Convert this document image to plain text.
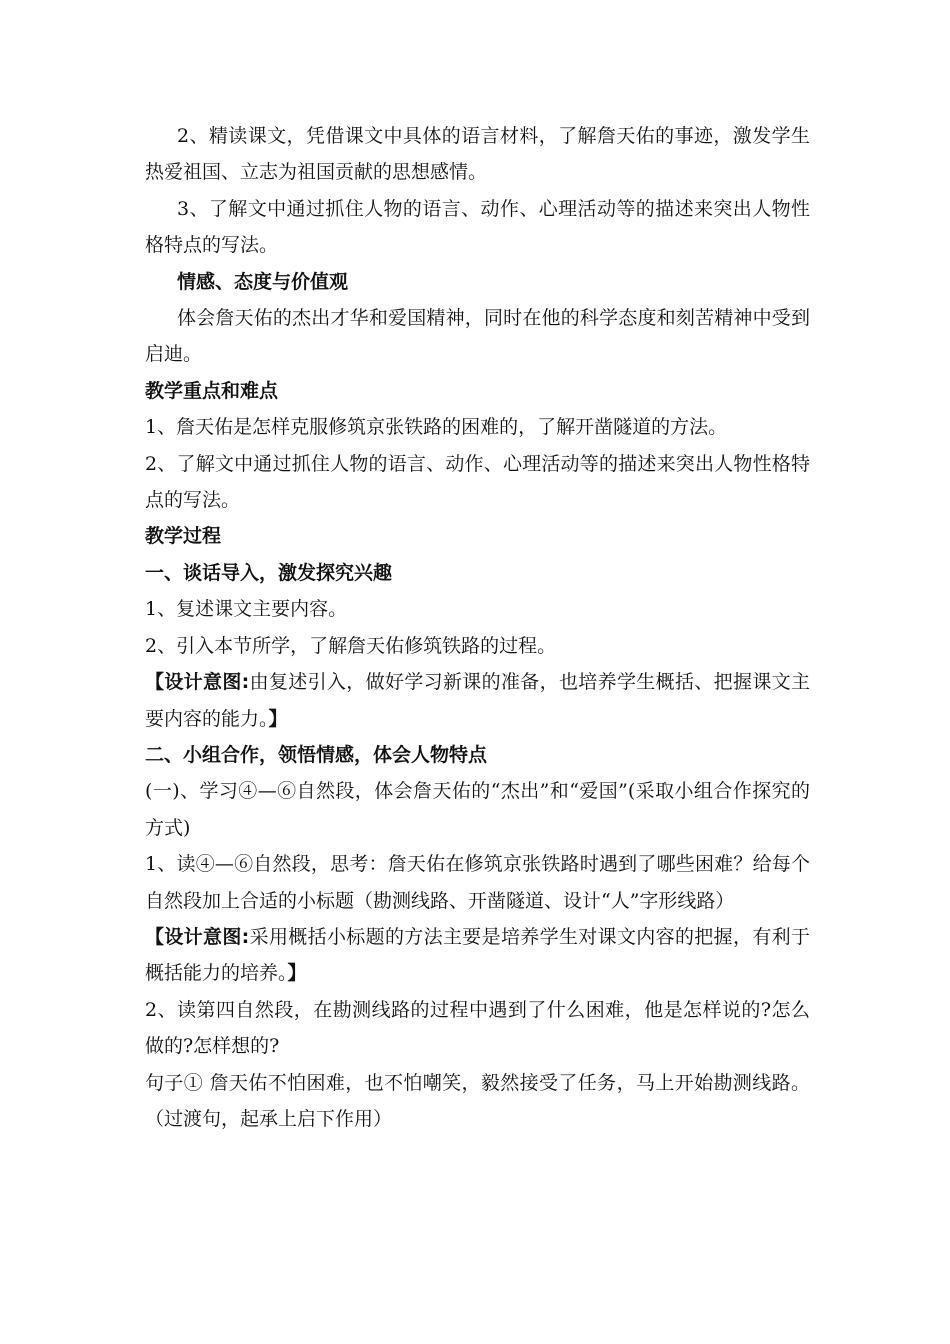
2、精读课文，凭借课文中具体的语言材料，了解詹天佑的事迹，激发学生热爱祖国、立志为祖国贡献的思想感情。

3、了解文中通过抓住人物的语言、动作、心理活动等的描述来突出人物性格特点的写法。

情感、态度与价值观

体会詹天佑的杰出才华和爱国精神，同时在他的科学态度和刻苦精神中受到启迪。

教学重点和难点

1、詹天佑是怎样克服修筑京张铁路的困难的，了解开凿隧道的方法。

2、了解文中通过抓住人物的语言、动作、心理活动等的描述来突出人物性格特点的写法。

教学过程

一、谈话导入，激发探究兴趣

1、复述课文主要内容。

2、引入本节所学，了解詹天佑修筑铁路的过程。

【设计意图:由复述引入，做好学习新课的准备，也培养学生概括、把握课文主要内容的能力。】

二、小组合作，领悟情感，体会人物特点

(一)、学习④—⑥自然段，体会詹天佑的“杰出”和“爱国”(采取小组合作探究的方式)

1、读④—⑥自然段，思考：詹天佑在修筑京张铁路时遇到了哪些困难？给每个自然段加上合适的小标题（勘测线路、开凿隧道、设计“人”字形线路）

【设计意图:采用概括小标题的方法主要是培养学生对课文内容的把握，有利于概括能力的培养。】

2、读第四自然段，在勘测线路的过程中遇到了什么困难，他是怎样说的?怎么做的?怎样想的?

句子① 詹天佑不怕困难，也不怕嘲笑，毅然接受了任务，马上开始勘测线路。（过渡句，起承上启下作用）
